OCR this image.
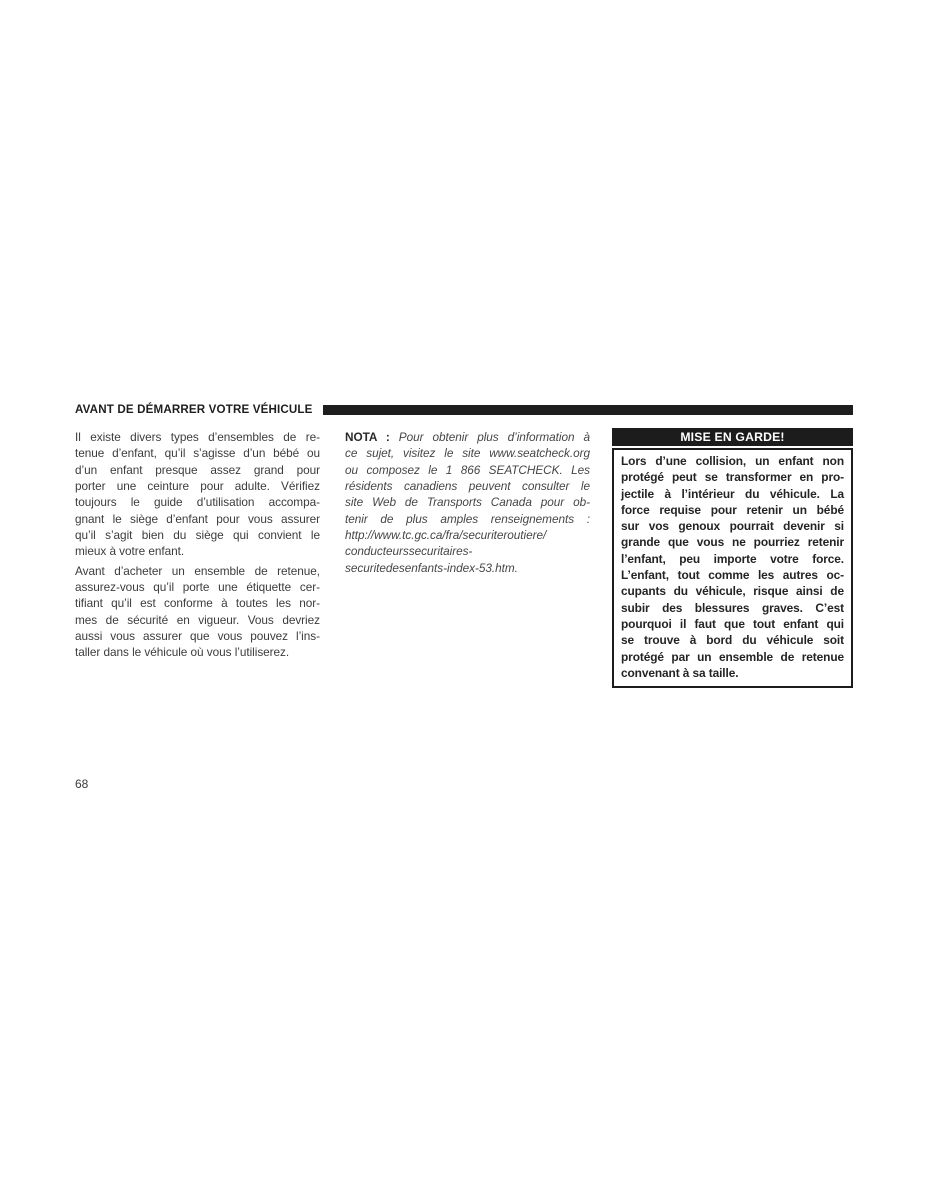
AVANT DE DÉMARRER VOTRE VÉHICULE
Il existe divers types d’ensembles de re-
tenue d’enfant, qu’il s’agisse d’un bébé ou
d’un enfant presque assez grand pour
porter une ceinture pour adulte. Vérifiez
toujours le guide d’utilisation accompa-
gnant le siège d’enfant pour vous assurer
qu’il s’agit bien du siège qui convient le
mieux à votre enfant.
Avant d’acheter un ensemble de retenue,
assurez-vous qu’il porte une étiquette cer-
tifiant qu’il est conforme à toutes les nor-
mes de sécurité en vigueur. Vous devriez
aussi vous assurer que vous pouvez l’ins-
taller dans le véhicule où vous l’utiliserez.
NOTA : Pour obtenir plus d’information à
ce sujet, visitez le site www.seatcheck.org
ou composez le 1 866 SEATCHECK. Les
résidents canadiens peuvent consulter le
site Web de Transports Canada pour ob-
tenir de plus amples renseignements :
http://www.tc.gc.ca/fra/securiteroutiere/
conducteurssecuritaires-
securitedesenfants-index-53.htm.
MISE EN GARDE!
Lors d’une collision, un enfant non
protégé peut se transformer en pro-
jectile à l’intérieur du véhicule. La
force requise pour retenir un bébé
sur vos genoux pourrait devenir si
grande que vous ne pourriez retenir
l’enfant, peu importe votre force.
L’enfant, tout comme les autres oc-
cupants du véhicule, risque ainsi de
subir des blessures graves. C’est
pourquoi il faut que tout enfant qui
se trouve à bord du véhicule soit
protégé par un ensemble de retenue
convenant à sa taille.
68
